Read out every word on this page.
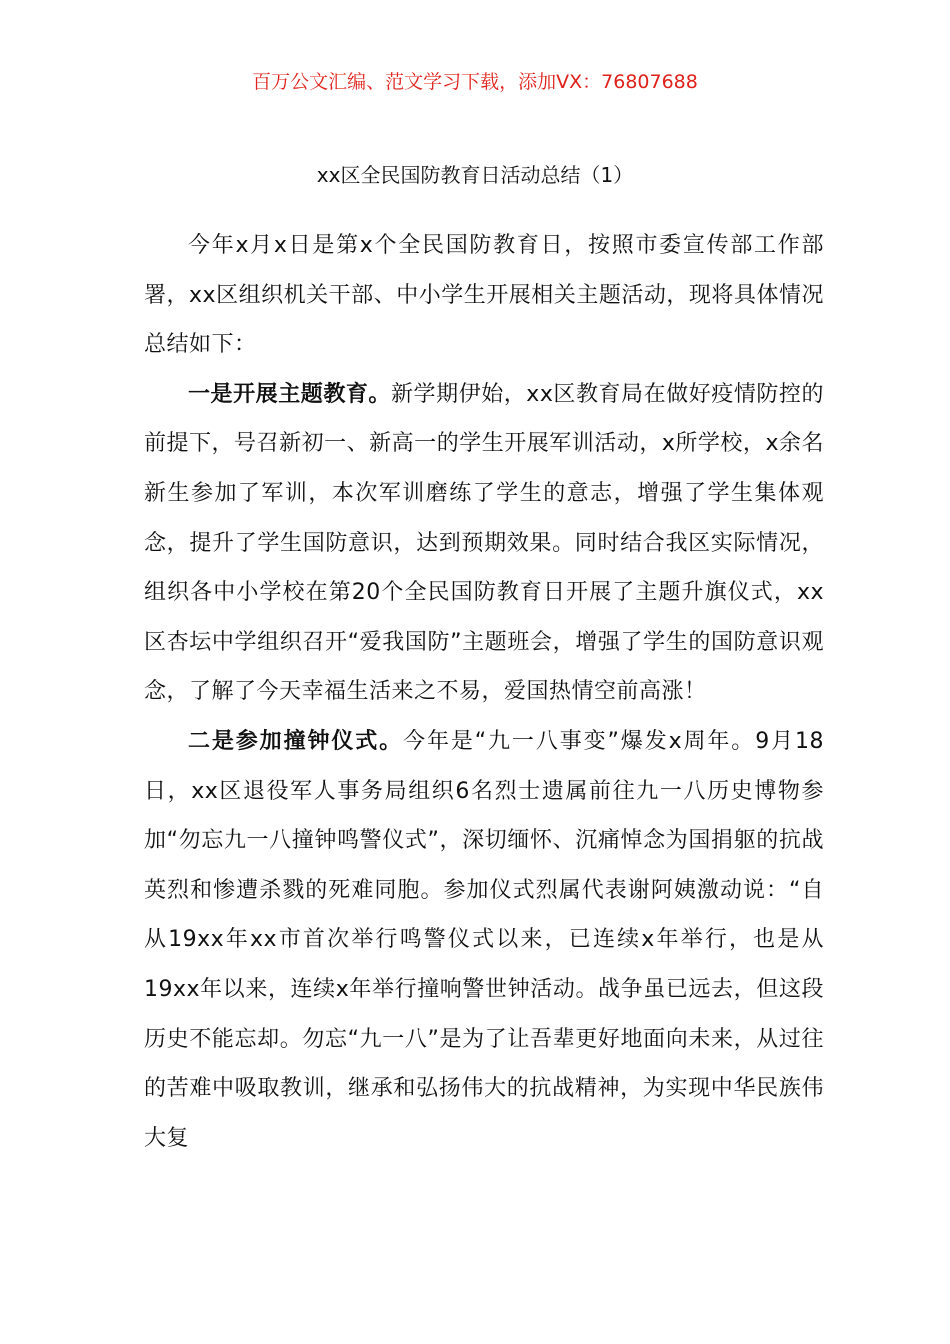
百万公文汇编、范文学习下载，添加VX：76807688
xx区全民国防教育日活动总结（1）

今年x月x日是第x个全民国防教育日，按照市委宣传部工作部署，xx区组织机关干部、中小学生开展相关主题活动，现将具体情况总结如下：

一是开展主题教育。新学期伊始，xx区教育局在做好疫情防控的前提下，号召新初一、新高一的学生开展军训活动，x所学校，x余名新生参加了军训，本次军训磨练了学生的意志，增强了学生集体观念，提升了学生国防意识，达到预期效果。同时结合我区实际情况，组织各中小学校在第20个全民国防教育日开展了主题升旗仪式，xx区杏坛中学组织召开“爱我国防”主题班会，增强了学生的国防意识观念，了解了今天幸福生活来之不易，爱国热情空前高涨！

二是参加撞钟仪式。今年是“九一八事变”爆发x周年。9月18日，xx区退役军人事务局组织6名烈士遗属前往九一八历史博物参加“勿忘九一八撞钟鸣警仪式”，深切缅怀、沉痛悼念为国捐躯的抗战英烈和惨遭杀戮的死难同胞。参加仪式烈属代表谢阿姨激动说：“自从19xx年xx市首次举行鸣警仪式以来，已连续x年举行，也是从19xx年以来，连续x年举行撞响警世钟活动。战争虽已远去，但这段历史不能忘却。勿忘“九一八”是为了让吾辈更好地面向未来，从过往的苦难中吸取教训，继承和弘扬伟大的抗战精神，为实现中华民族伟大复
